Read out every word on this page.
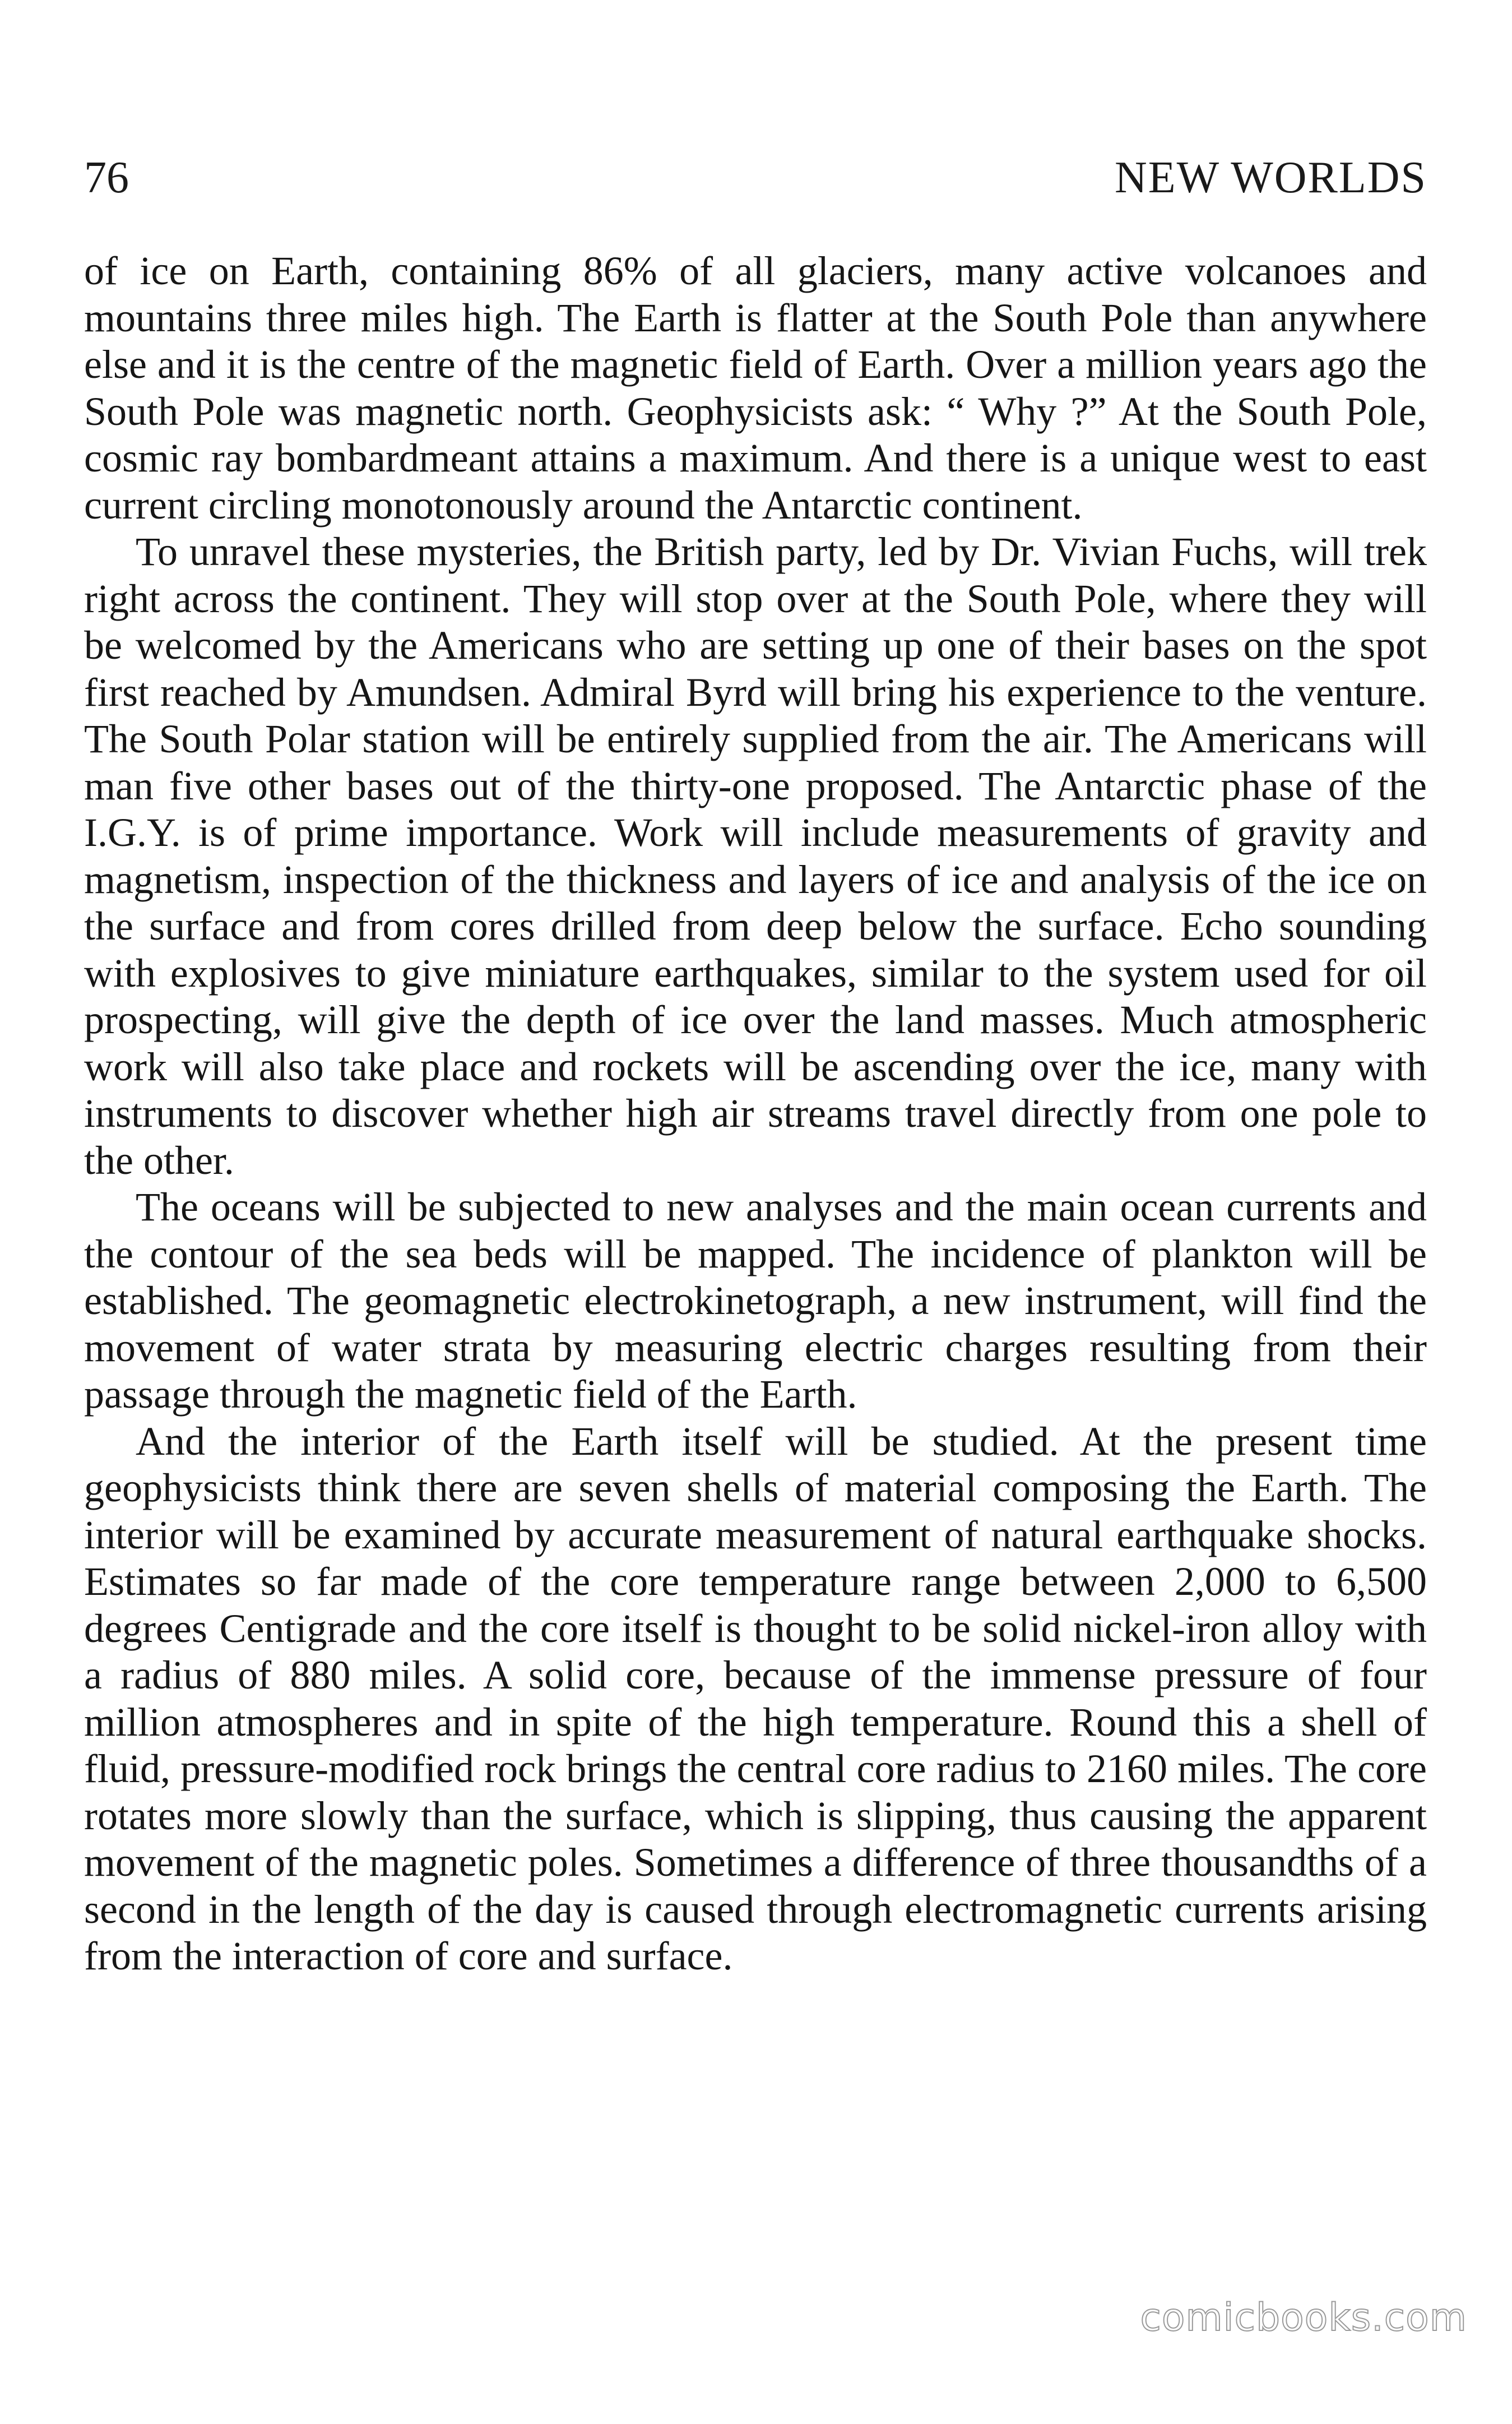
76	NEW WORLDS

of ice on Earth, containing 86% of all glaciers, many active volcanoes and mountains three miles high. The Earth is flatter at the South Pole than anywhere else and it is the centre of the magnetic field of Earth. Over a million years ago the South Pole was magnetic north. Geophysicists ask: “ Why ?” At the South Pole, cosmic ray bombardmeant attains a maximum. And there is a unique west to east current circling monotonously around the Antarctic continent.

To unravel these mysteries, the British party, led by Dr. Vivian Fuchs, will trek right across the continent. They will stop over at the South Pole, where they will be welcomed by the Americans who are setting up one of their bases on the spot first reached by Amundsen. Admiral Byrd will bring his experience to the venture. The South Polar station will be entirely supplied from the air. The Americans will man five other bases out of the thirty-one proposed. The Antarctic phase of the I.G.Y. is of prime importance. Work will include measurements of gravity and magnetism, inspection of the thickness and layers of ice and analysis of the ice on the surface and from cores drilled from deep below the surface. Echo sounding with explosives to give miniature earthquakes, similar to the system used for oil prospecting, will give the depth of ice over the land masses. Much atmospheric work will also take place and rockets will be ascending over the ice, many with instruments to discover whether high air streams travel directly from one pole to the other.

The oceans will be subjected to new analyses and the main ocean currents and the contour of the sea beds will be mapped. The incidence of plankton will be established. The geomagnetic electrokinetograph, a new instrument, will find the movement of water strata by measuring electric charges resulting from their passage through the magnetic field of the Earth.

And the interior of the Earth itself will be studied. At the present time geophysicists think there are seven shells of material composing the Earth. The interior will be examined by accurate measurement of natural earthquake shocks. Estimates so far made of the core temperature range between 2,000 to 6,500 degrees Centigrade and the core itself is thought to be solid nickel-iron alloy with a radius of 880 miles. A solid core, because of the immense pressure of four million atmospheres and in spite of the high temperature. Round this a shell of fluid, pressure-modified rock brings the central core radius to 2160 miles. The core rotates more slowly than the surface, which is slipping, thus causing the apparent movement of the magnetic poles. Sometimes a difference of three thousandths of a second in the length of the day is caused through electromagnetic currents arising from the interaction of core and surface.

comicbooks.com
